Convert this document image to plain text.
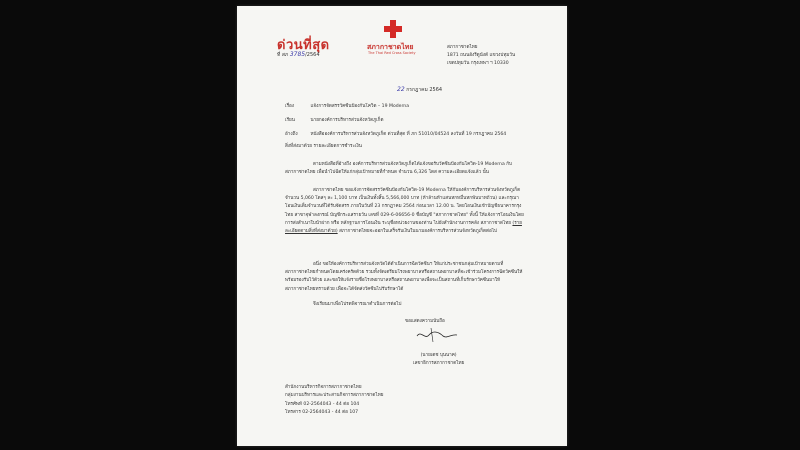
ด่วนที่สุด
ที่ สภ 3785/2564
สภากาชาดไทย
The Thai Red Cross Society
สภากาชาดไทย
1871 ถนนอังรีดูนังต์ แขวงปทุมวัน
เขตปทุมวัน กรุงเทพฯ ฯ 10330
22 กรกฎาคม 2564
เรื่อง	แจ้งการจัดสรรวัคซีนป้องกันโควิด – 19 Moderna
เรียน	นายกองค์การบริหารส่วนจังหวัดภูเก็ต
อ้างถึง	หนังสือองค์การบริหารส่วนจังหวัดภูเก็ต ด่วนที่สุด ที่ ภก 51010/04524 ลงวันที่ 19 กรกฎาคม 2564
สิ่งที่ส่งมาด้วย รายละเอียดการชำระเงิน
ตามหนังสือที่อ้างถึง องค์การบริหารส่วนจังหวัดภูเก็ตได้แจ้งขอรับวัคซีนป้องกันโควิด-19 Moderna กับสภากาชาดไทย เพื่อนำไปฉีดให้แก่กลุ่มเป้าหมายที่กำหนด จำนวน 6,326 โดส ความละเอียดแจ้งแล้ว นั้น
สภากาชาดไทย ขอแจ้งการจัดสรรวัคซีนป้องกันโควิด-19 Moderna ให้กับองค์การบริหารส่วนจังหวัดภูเก็ต จำนวน 5,060 โดสๆ ละ 1,100 บาท เป็นเงินทั้งสิ้น 5,566,000 บาท (ห้าล้านห้าแสนหกหมื่นหกพันบาทถ้วน) และกรุณาโอนเงินเต็มจำนวนที่ได้รับจัดสรร ภายในวันที่ 23 กรกฎาคม 2564 ก่อนเวลา 12.00 น. โดยโอนเงินเข้าบัญชีธนาคารกรุงไทย สาขาจุฬาลงกรณ์ บัญชีกระแสรายวัน เลขที่ 029-6-06656-0 ชื่อบัญชี "สภากาชาดไทย" ทั้งนี้ ให้แจ้งการโอนเงินโดยการส่งสำเนาใบนำฝาก หรือ หลักฐานการโอนเงิน ระบุชื่อหน่วยงานของท่าน ไปยังสำนักงานการคลัง สภากาชาดไทย (รายละเอียดตามสิ่งที่ส่งมาด้วย) สภากาชาดไทยจะออกใบเสร็จรับเงินในนามองค์การบริหารส่วนจังหวัดภูเก็ตต่อไป
อนึ่ง ขอให้องค์การบริหารส่วนจังหวัดได้ดำเนินการฉีดวัคซีนฯ ให้แก่ประชาชนกลุ่มเป้าหมายตามที่สภากาชาดไทยกำหนดโดยเคร่งครัดด้วย รวมทั้งจัดเตรียมโรงพยาบาลหรือสถานพยาบาลที่จะเข้าร่วมโครงการฉีดวัคซีนให้พร้อมรองรับไว้ด้วย และขอให้แจ้งรายชื่อโรงพยาบาลหรือสถานพยาบาลเพื่อจะเป็นสถานที่เก็บรักษาวัคซีนมาให้สภากาชาดไทยทราบด้วย เพื่อจะได้จัดส่งวัคซีนไปรับรักษาได้
จึงเรียนมาเพื่อโปรดพิจารณาดำเนินการต่อไป
ขอแสดงความนับถือ
(นายเตช บุนนาค)
เลขาธิการสภากาชาดไทย
สำนักงานบริหารกิจการสภากาชาดไทย
กลุ่มงานบริหารและประสานกิจการสภากาชาดไทย
โทรศัพท์ 02-2564043 - 44 ต่อ 104
โทรสาร 02-2564043 - 44 ต่อ 107
